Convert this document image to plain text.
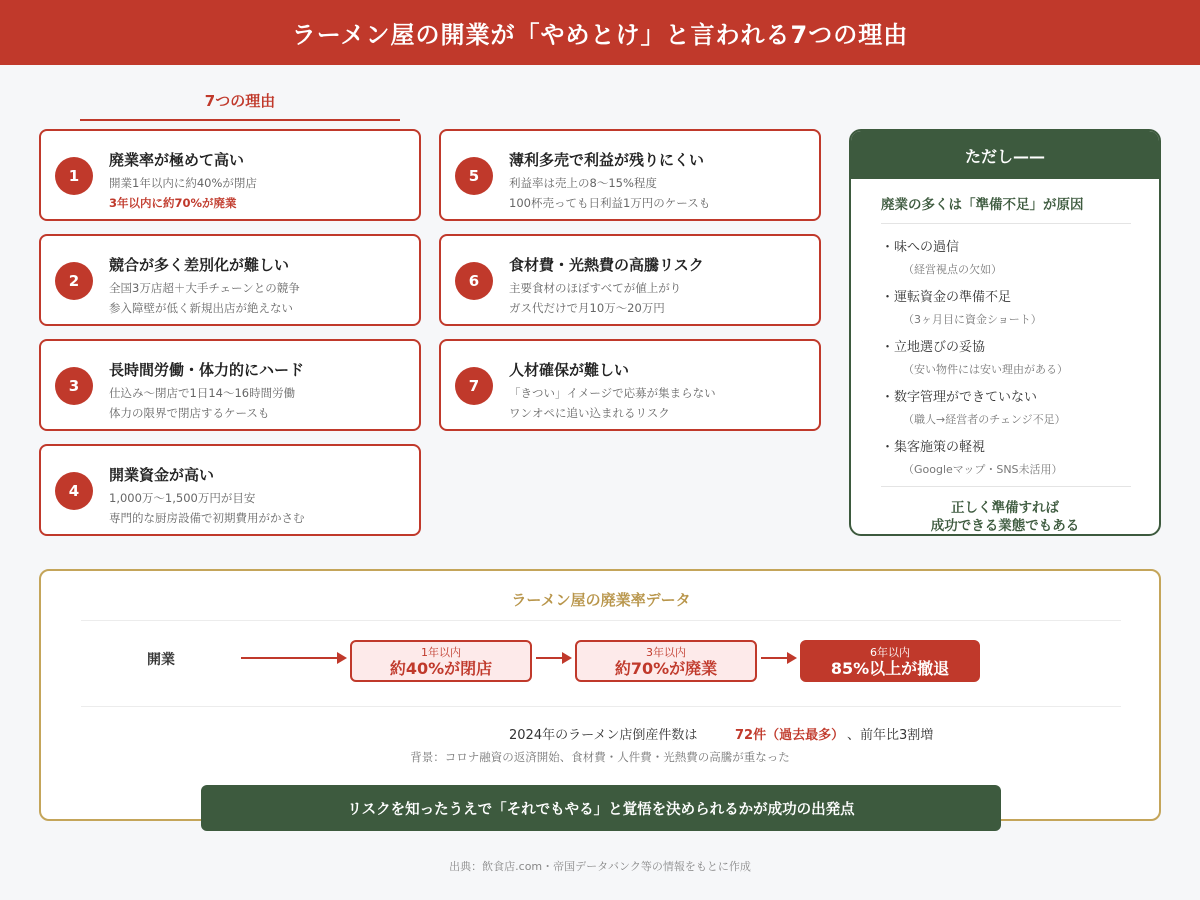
ラーメン屋の開業が「やめとけ」と言われる7つの理由
7つの理由
1
廃業率が極めて高い
開業1年以内に約40%が閉店
3年以内に約70%が廃業
2
競合が多く差別化が難しい
全国3万店超＋大手チェーンとの競争
参入障壁が低く新規出店が絶えない
3
長時間労働・体力的にハード
仕込み〜閉店で1日14〜16時間労働
体力の限界で閉店するケースも
4
開業資金が高い
1,000万〜1,500万円が目安
専門的な厨房設備で初期費用がかさむ
5
薄利多売で利益が残りにくい
利益率は売上の8〜15%程度
100杯売っても日利益1万円のケースも
6
食材費・光熱費の高騰リスク
主要食材のほぼすべてが値上がり
ガス代だけで月10万〜20万円
7
人材確保が難しい
「きつい」イメージで応募が集まらない
ワンオペに追い込まれるリスク
ただし——
廃業の多くは「準備不足」が原因
・味への過信
（経営視点の欠如）
・運転資金の準備不足
（3ヶ月目に資金ショート）
・立地選びの妥協
（安い物件には安い理由がある）
・数字管理ができていない
（職人→経営者のチェンジ不足）
・集客施策の軽視
（Googleマップ・SNS未活用）
正しく準備すれば
成功できる業態でもある
ラーメン屋の廃業率データ
開業	1年以内
約40%が閉店
3年以内
約70%が廃業
6年以内
85%以上が撤退
2024年のラーメン店倒産件数は	72件（過去最多） 、前年比3割増
背景：コロナ融資の返済開始、食材費・人件費・光熱費の高騰が重なった
リスクを知ったうえで「それでもやる」と覚悟を決められるかが成功の出発点
出典：飲食店.com・帝国データバンク等の情報をもとに作成
